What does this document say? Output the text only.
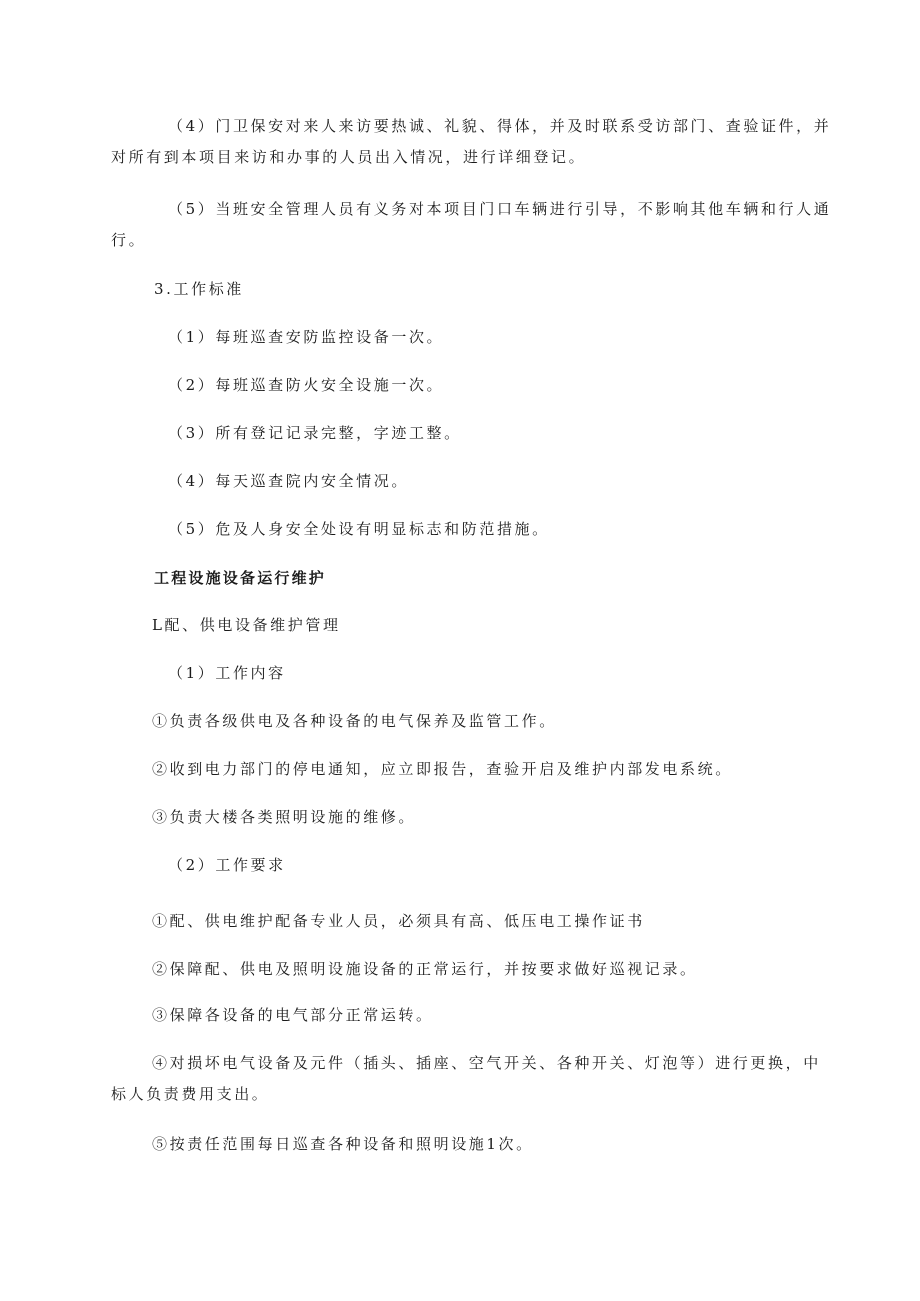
（4）门卫保安对来人来访要热诚、礼貌、得体，并及时联系受访部门、查验证件，并
对所有到本项目来访和办事的人员出入情况，进行详细登记。
（5）当班安全管理人员有义务对本项目门口车辆进行引导，不影响其他车辆和行人通
行。
3.工作标准
（1）每班巡查安防监控设备一次。
（2）每班巡查防火安全设施一次。
（3）所有登记记录完整，字迹工整。
（4）每天巡查院内安全情况。
（5）危及人身安全处设有明显标志和防范措施。
工程设施设备运行维护
L配、供电设备维护管理
（1）工作内容
①负责各级供电及各种设备的电气保养及监管工作。
②收到电力部门的停电通知，应立即报告，查验开启及维护内部发电系统。
③负责大楼各类照明设施的维修。
（2）工作要求
①配、供电维护配备专业人员，必须具有高、低压电工操作证书
②保障配、供电及照明设施设备的正常运行，并按要求做好巡视记录。
③保障各设备的电气部分正常运转。
④对损坏电气设备及元件（插头、插座、空气开关、各种开关、灯泡等）进行更换，中
标人负责费用支出。
⑤按责任范围每日巡查各种设备和照明设施1次。
